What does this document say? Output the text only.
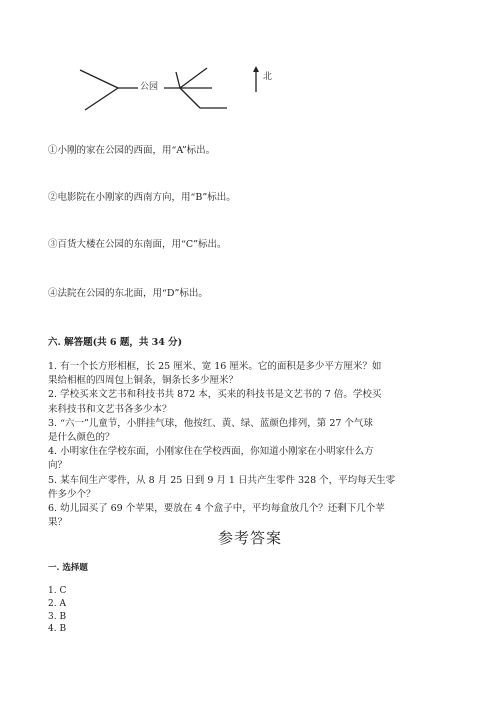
公园
北
①小刚的家在公园的西面，用“A”标出。
②电影院在小刚家的西南方向，用“B”标出。
③百货大楼在公园的东南面，用“C”标出。
④法院在公园的东北面，用“D”标出。
六. 解答题(共 6 题，共 34 分)
1. 有一个长方形相框，长 25 厘米、宽 16 厘米。它的面积是多少平方厘米？如
果给相框的四周包上铜条，铜条长多少厘米？
2. 学校买来文艺书和科技书共 872 本，买来的科技书是文艺书的 7 倍。学校买
来科技书和文艺书各多少本？
3. “六一”儿童节，小胖挂气球，他按红、黄、绿、蓝颜色排列，第 27 个气球
是什么颜色的？
4. 小明家住在学校东面，小刚家住在学校西面，你知道小刚家在小明家什么方
向？
5. 某车间生产零件，从 8 月 25 日到 9 月 1 日共产生零件 328 个，平均每天生零
件多少个？
6. 幼儿园买了 69 个苹果，要放在 4 个盒子中，平均每盒放几个？还剩下几个苹
果？
参考答案
一. 选择题
1. C
2. A
3. B
4. B
